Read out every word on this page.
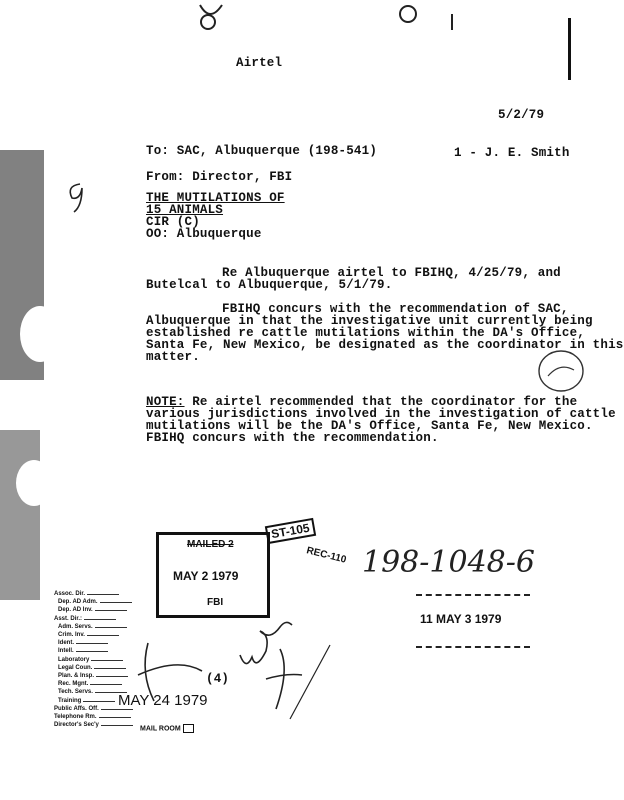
Airtel
5/2/79
To: SAC, Albuquerque (198-541)	1 - J. E. Smith
From: Director, FBI
THE MUTILATIONS OF
15 ANIMALS
CIR (C)
OO: Albuquerque
Re Albuquerque airtel to FBIHQ, 4/25/79, and
Butelcal to Albuquerque, 5/1/79.
FBIHQ concurs with the recommendation of SAC,
Albuquerque in that the investigative unit currently being
established re cattle mutilations within the DA's Office,
Santa Fe, New Mexico, be designated as the coordinator in this
matter.
NOTE: Re airtel recommended that the coordinator for the
various jurisdictions involved in the investigation of cattle
mutilations will be the DA's Office, Santa Fe, New Mexico.
FBIHQ concurs with the recommendation.
MAILED 2
MAY 2 1979
FBI
ST-105
REC-110 198-1048-6
11 MAY 3 1979
Assoc. Dir.
Dep. AD Adm.
Dep. AD Inv.
Asst. Dir.:
Adm. Servs.
Crim. Inv.
Ident.
Intell.
Laboratory
Legal Coun.
Plan. & Insp.
Rec. Mgnt.
Tech. Servs.
Training
Public Affs. Off.
Telephone Rm.
Director's Sec'y
(4)
MAY 24 1979
MAIL ROOM
